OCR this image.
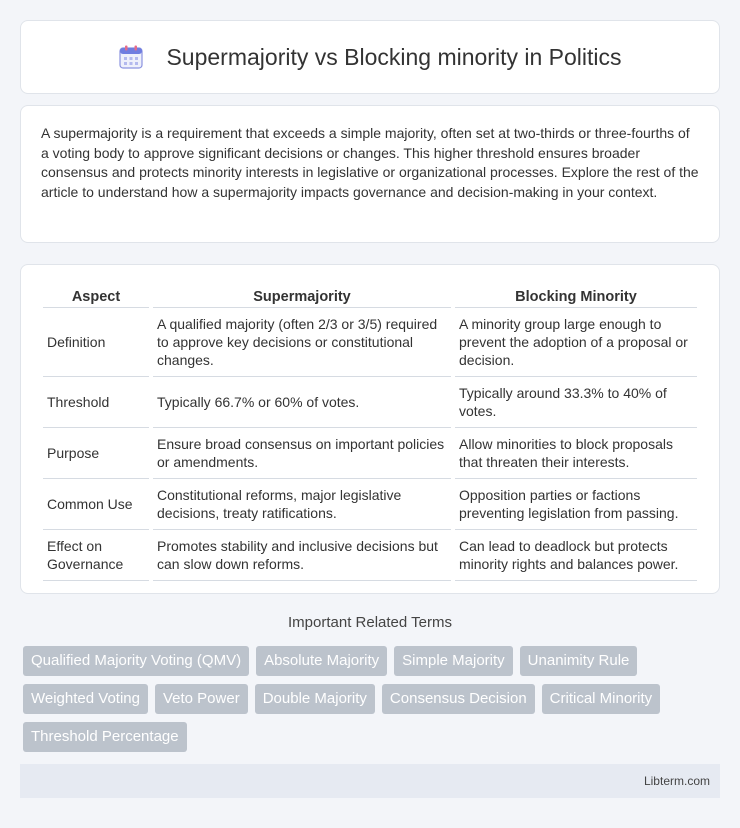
Supermajority vs Blocking minority in Politics

A supermajority is a requirement that exceeds a simple majority, often set at two-thirds or three-fourths of a voting body to approve significant decisions or changes. This higher threshold ensures broader consensus and protects minority interests in legislative or organizational processes. Explore the rest of the article to understand how a supermajority impacts governance and decision-making in your context.

Aspect	Supermajority	Blocking Minority
Definition	A qualified majority (often 2/3 or 3/5) required to approve key decisions or constitutional changes.	A minority group large enough to prevent the adoption of a proposal or decision.
Threshold	Typically 66.7% or 60% of votes.	Typically around 33.3% to 40% of votes.
Purpose	Ensure broad consensus on important policies or amendments.	Allow minorities to block proposals that threaten their interests.
Common Use	Constitutional reforms, major legislative decisions, treaty ratifications.	Opposition parties or factions preventing legislation from passing.
Effect on Governance	Promotes stability and inclusive decisions but can slow down reforms.	Can lead to deadlock but protects minority rights and balances power.
Important Related Terms
Qualified Majority Voting (QMV)	Absolute Majority	Simple Majority	Unanimity Rule
Weighted Voting	Veto Power	Double Majority	Consensus Decision	Critical Minority
Threshold Percentage
Libterm.com
